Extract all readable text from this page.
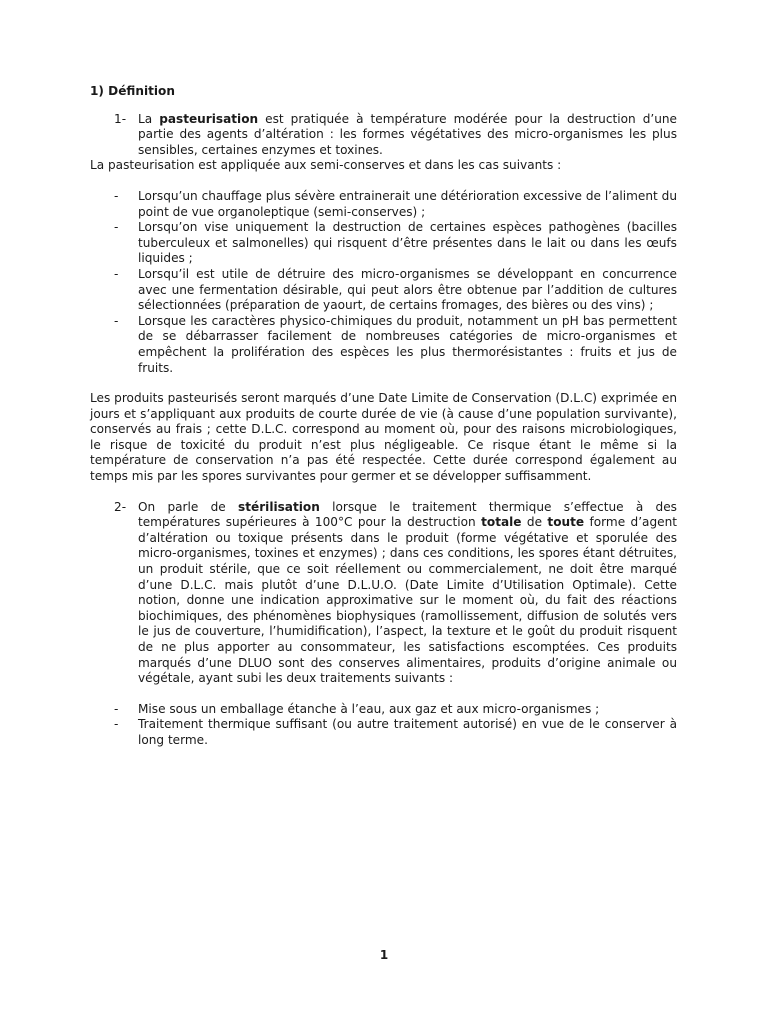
1) Définition
1- La pasteurisation est pratiquée à température modérée pour la destruction d’une partie des agents d’altération : les formes végétatives des micro-organismes les plus sensibles, certaines enzymes et toxines.

La pasteurisation est appliquée aux semi-conserves et dans les cas suivants :

-	Lorsqu’un chauffage plus sévère entrainerait une détérioration excessive de l’aliment du point de vue organoleptique (semi-conserves) ;
-	Lorsqu’on vise uniquement la destruction de certaines espèces pathogènes (bacilles tuberculeux et salmonelles) qui risquent d’être présentes dans le lait ou dans les œufs liquides ;
-	Lorsqu’il est utile de détruire des micro-organismes se développant en concurrence avec une fermentation désirable, qui peut alors être obtenue par l’addition de cultures sélectionnées (préparation de yaourt, de certains fromages, des bières ou des vins) ;
-	Lorsque les caractères physico-chimiques du produit, notamment un pH bas permettent de se débarrasser facilement de nombreuses catégories de micro-organismes et empêchent la prolifération des espèces les plus thermorésistantes : fruits et jus de fruits.

Les produits pasteurisés seront marqués d’une Date Limite de Conservation (D.L.C) exprimée en jours et s’appliquant aux produits de courte durée de vie (à cause d’une population survivante), conservés au frais ; cette D.L.C. correspond au moment où, pour des raisons microbiologiques, le risque de toxicité du produit n’est plus négligeable. Ce risque étant le même si la température de conservation n’a pas été respectée. Cette durée correspond également au temps mis par les spores survivantes pour germer et se développer suffisamment.

2- On parle de stérilisation lorsque le traitement thermique s’effectue à des températures supérieures à 100°C pour la destruction totale de toute forme d’agent d’altération ou toxique présents dans le produit (forme végétative et sporulée des micro-organismes, toxines et enzymes) ; dans ces conditions, les spores étant détruites, un produit stérile, que ce soit réellement ou commercialement, ne doit être marqué d’une D.L.C. mais plutôt d’une D.L.U.O. (Date Limite d’Utilisation Optimale). Cette notion, donne une indication approximative sur le moment où, du fait des réactions biochimiques, des phénomènes biophysiques (ramollissement, diffusion de solutés vers le jus de couverture, l’humidification), l’aspect, la texture et le goût du produit risquent de ne plus apporter au consommateur, les satisfactions escomptées. Ces produits marqués d’une DLUO sont des conserves alimentaires, produits d’origine animale ou végétale, ayant subi les deux traitements suivants :
-	Mise sous un emballage étanche à l’eau, aux gaz et aux micro-organismes ;
-	Traitement thermique suffisant (ou autre traitement autorisé) en vue de le conserver à long terme.
1
